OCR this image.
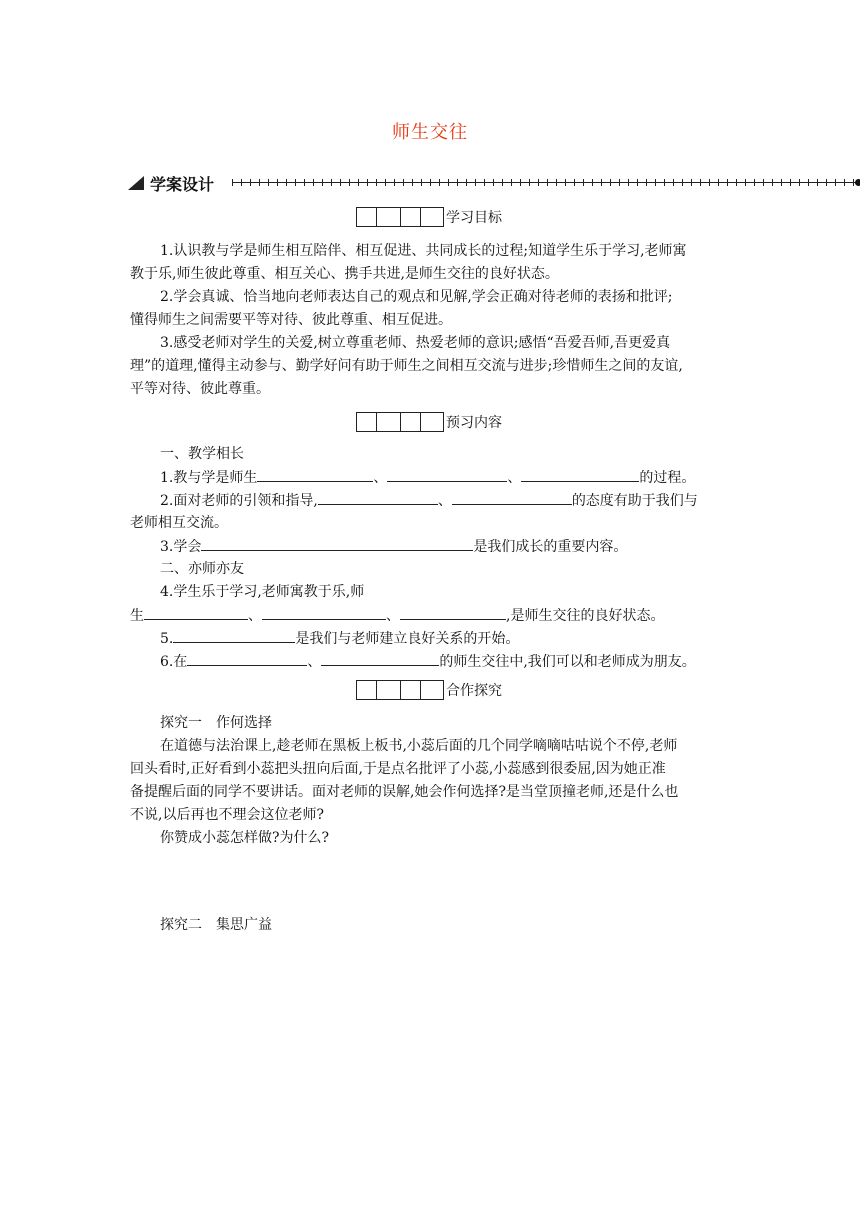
师生交往
学案设计
学习目标
1.认识教与学是师生相互陪伴、相互促进、共同成长的过程;知道学生乐于学习,老师寓
教于乐,师生彼此尊重、相互关心、携手共进,是师生交往的良好状态。
2.学会真诚、恰当地向老师表达自己的观点和见解,学会正确对待老师的表扬和批评;
懂得师生之间需要平等对待、彼此尊重、相互促进。
3.感受老师对学生的关爱,树立尊重老师、热爱老师的意识;感悟“吾爱吾师,吾更爱真
理”的道理,懂得主动参与、勤学好问有助于师生之间相互交流与进步;珍惜师生之间的友谊,
平等对待、彼此尊重。
预习内容
一、教学相长
1.教与学是师生	、	、	的过程。
2.面对老师的引领和指导,	、	的态度有助于我们与
老师相互交流。
3.学会	是我们成长的重要内容。
二、亦师亦友
4.学生乐于学习,老师寓教于乐,师
生	、	、	,是师生交往的良好状态。
5.	是我们与老师建立良好关系的开始。
6.在	、	的师生交往中,我们可以和老师成为朋友。
合作探究
探究一　作何选择
在道德与法治课上,趁老师在黑板上板书,小蕊后面的几个同学嘀嘀咕咕说个不停,老师
回头看时,正好看到小蕊把头扭向后面,于是点名批评了小蕊,小蕊感到很委屈,因为她正准
备提醒后面的同学不要讲话。面对老师的误解,她会作何选择?是当堂顶撞老师,还是什么也
不说,以后再也不理会这位老师?
你赞成小蕊怎样做?为什么?
探究二　集思广益
